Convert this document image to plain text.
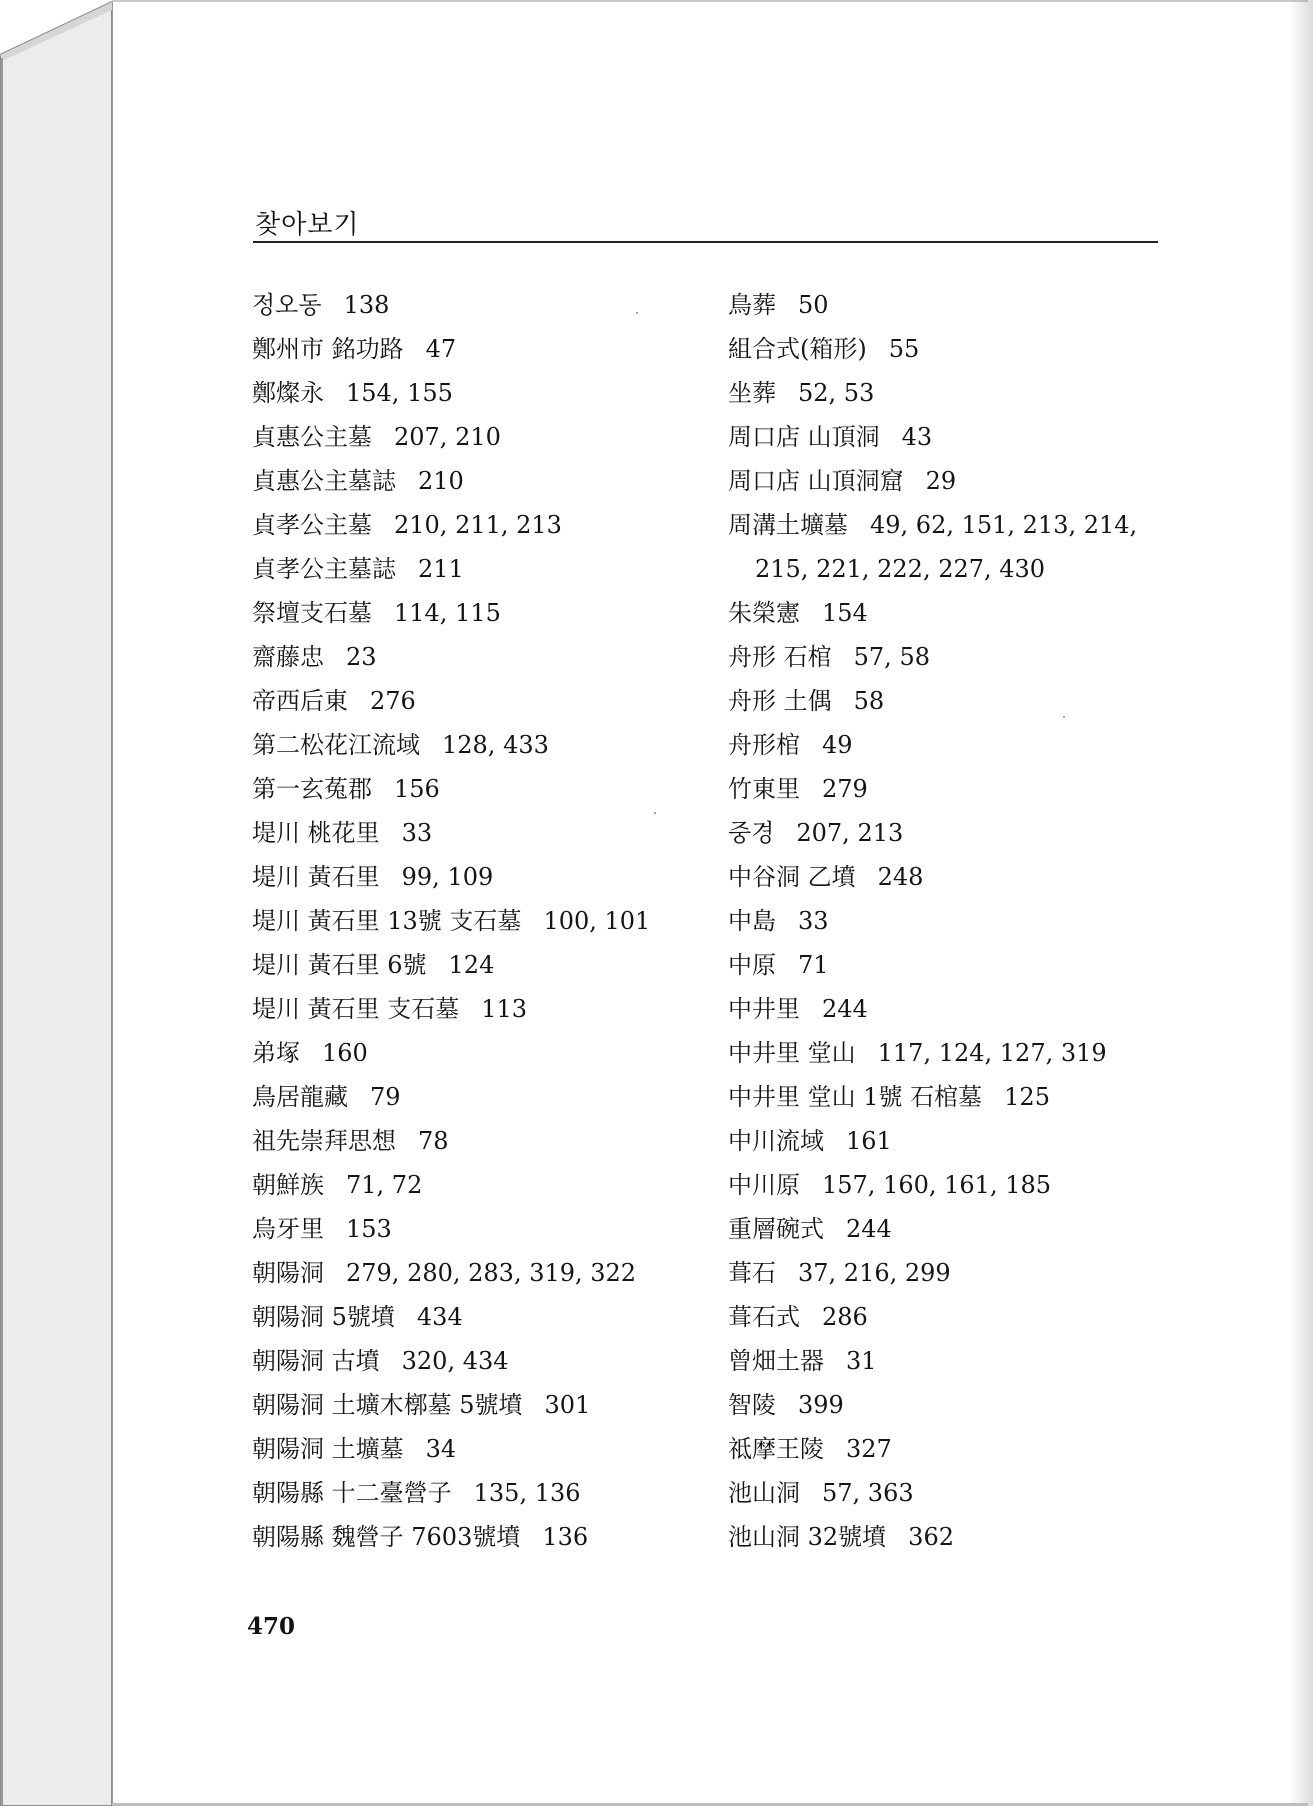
찾아보기
정오동 138
鄭州市 銘功路 47
鄭燦永 154, 155
貞惠公主墓 207, 210
貞惠公主墓誌 210
貞孝公主墓 210, 211, 213
貞孝公主墓誌 211
祭壇支石墓 114, 115
齋藤忠 23
帝西后東 276
第二松花江流域 128, 433
第一玄菟郡 156
堤川 桃花里 33
堤川 黃石里 99, 109
堤川 黃石里 13號 支石墓 100, 101
堤川 黃石里 6號 124
堤川 黃石里 支石墓 113
弟塚 160
鳥居龍藏 79
祖先崇拜思想 78
朝鮮族 71, 72
烏牙里 153
朝陽洞 279, 280, 283, 319, 322
朝陽洞 5號墳 434
朝陽洞 古墳 320, 434
朝陽洞 土壙木槨墓 5號墳 301
朝陽洞 土壙墓 34
朝陽縣 十二臺營子 135, 136
朝陽縣 魏營子 7603號墳 136
鳥葬 50
組合式(箱形) 55
坐葬 52, 53
周口店 山頂洞 43
周口店 山頂洞窟 29
周溝土壙墓 49, 62, 151, 213, 214, 215, 221, 222, 227, 430
朱榮憲 154
舟形 石棺 57, 58
舟形 土偶 58
舟形棺 49
竹東里 279
중경 207, 213
中谷洞 乙墳 248
中島 33
中原 71
中井里 244
中井里 堂山 117, 124, 127, 319
中井里 堂山 1號 石棺墓 125
中川流域 161
中川原 157, 160, 161, 185
重層碗式 244
葺石 37, 216, 299
葺石式 286
曾畑土器 31
智陵 399
祗摩王陵 327
池山洞 57, 363
池山洞 32號墳 362
470
